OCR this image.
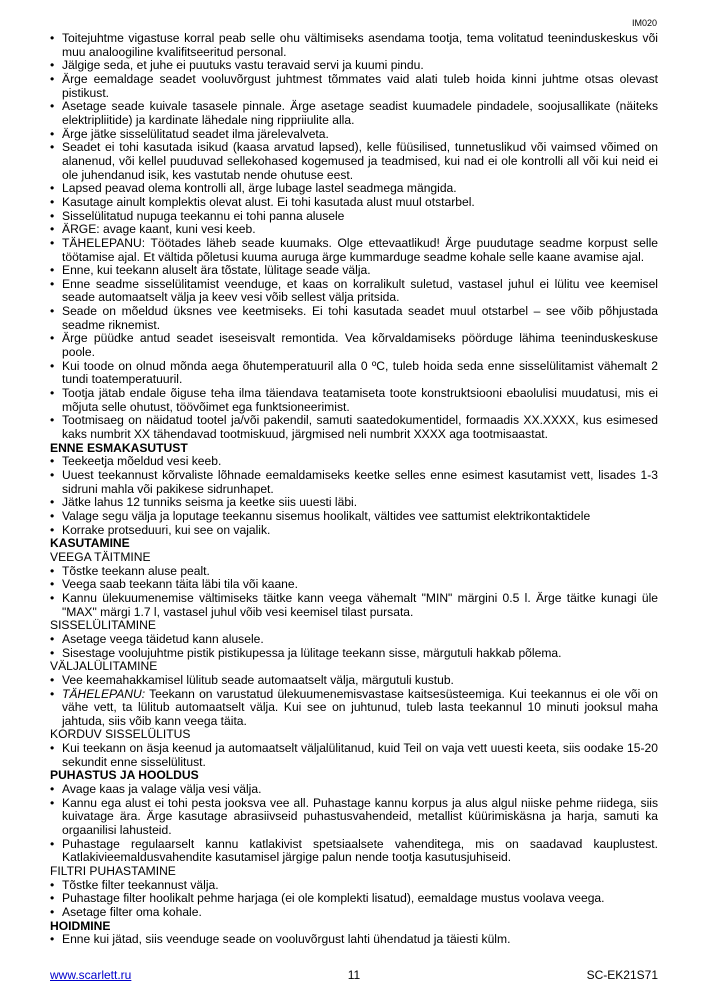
IM020
• Toitejuhtme vigastuse korral peab selle ohu vältimiseks asendama tootja, tema volitatud teeninduskeskus või muu analoogiline kvalifitseeritud personal.
• Jälgige seda, et juhe ei puutuks vastu teravaid servi ja kuumi pindu.
• Ärge eemaldage seadet vooluvõrgust juhtmest tõmmates vaid alati tuleb hoida kinni juhtme otsas olevast pistikust.
• Asetage seade kuivale tasasele pinnale. Ärge asetage seadist kuumadele pindadele, soojusallikate (näiteks elektripliitide) ja kardinate lähedale ning rippriiulite alla.
• Ärge jätke sisselülitatud seadet ilma järelevalveta.
• Seadet ei tohi kasutada isikud (kaasa arvatud lapsed), kelle füüsilised, tunnetuslikud või vaimsed võimed on alanenud, või kellel puuduvad sellekohased kogemused ja teadmised, kui nad ei ole kontrolli all või kui neid ei ole juhendanud isik, kes vastutab nende ohutuse eest.
• Lapsed peavad olema kontrolli all, ärge lubage lastel seadmega mängida.
• Kasutage ainult komplektis olevat alust. Ei tohi kasutada alust muul otstarbel.
• Sisselülitatud nupuga teekannu ei tohi panna alusele
• ÄRGE: avage kaant, kuni vesi keeb.
• TÄHELEPANU: Töötades läheb seade kuumaks. Olge ettevaatlikud! Ärge puudutage seadme korpust selle töötamise ajal. Et vältida põletusi kuuma auruga ärge kummarduge seadme kohale selle kaane avamise ajal.
• Enne, kui teekann aluselt ära tõstate, lülitage seade välja.
• Enne seadme sisselülitamist veenduge, et kaas on korralikult suletud, vastasel juhul ei lülitu vee keemisel seade automaatselt välja ja keev vesi võib sellest välja pritsida.
• Seade on mõeldud üksnes vee keetmiseks. Ei tohi kasutada seadet muul otstarbel – see võib põhjustada seadme riknemist.
• Ärge püüdke antud seadet iseseisvalt remontida. Vea kõrvaldamiseks pöörduge lähima teeninduskeskuse poole.
• Kui toode on olnud mõnda aega õhutemperatuuril alla 0 ºC, tuleb hoida seda enne sisselülitamist vähemalt 2 tundi toatemperatuuril.
• Tootja jätab endale õiguse teha ilma täiendava teatamiseta toote konstruktsiooni ebaolulisi muudatusi, mis ei mõjuta selle ohutust, töövõimet ega funktsioneerimist.
• Tootmisaeg on näidatud tootel ja/või pakendil, samuti saatedokumentidel, formaadis XX.XXXX, kus esimesed kaks numbrit XX tähendavad tootmiskuud, järgmised neli numbrit XXXX aga tootmisaastat.
ENNE ESMAKASUTUST
• Teekeetja mõeldud vesi keeb.
• Uuest teekannust kõrvaliste lõhnade eemaldamiseks keetke selles enne esimest kasutamist vett, lisades 1-3 sidruni mahla või pakikese sidrunhapet.
• Jätke lahus 12 tunniks seisma ja keetke siis uuesti läbi.
• Valage segu välja ja loputage teekannu sisemus hoolikalt, vältides vee sattumist elektrikontaktidele
• Korrake protseduuri, kui see on vajalik.
KASUTAMINE
VEEGA TÄITMINE
• Tõstke teekann aluse pealt.
• Veega saab teekann täita läbi tila või kaane.
• Kannu ülekuumenemise vältimiseks täitke kann veega vähemalt "MIN" märgini 0.5 l. Ärge täitke kunagi üle "MAX" märgi 1.7 l, vastasel juhul võib vesi keemisel tilast pursata.
SISSELÜLITAMINE
• Asetage veega täidetud kann alusele.
• Sisestage voolujuhtme pistik pistikupessa ja lülitage teekann sisse, märgutuli hakkab põlema.
VÄLJALÜLITAMINE
• Vee keemahakkamisel lülitub seade automaatselt välja, märgutuli kustub.
• TÄHELEPANU: Teekann on varustatud ülekuumenemisvastase kaitsesüsteemiga. Kui teekannus ei ole või on vähe vett, ta lülitub automaatselt välja. Kui see on juhtunud, tuleb lasta teekannul 10 minuti jooksul maha jahtuda, siis võib kann veega täita.
KORDUV SISSELÜLITUS
• Kui teekann on äsja keenud ja automaatselt väljalülitanud, kuid Teil on vaja vett uuesti keeta, siis oodake 15-20 sekundit enne sisselülitust.
PUHASTUS JA HOOLDUS
• Avage kaas ja valage välja vesi välja.
• Kannu ega alust ei tohi pesta jooksva vee all. Puhastage kannu korpus ja alus algul niiske pehme riidega, siis kuivatage ära. Ärge kasutage abrasiivseid puhastusvahendeid, metallist küürimiskäsna ja harja, samuti ka orgaanilisi lahusteid.
• Puhastage regulaarselt kannu katlakivist spetsiaalsete vahenditega, mis on saadavad kauplustest. Katlakivieemaldusvahendite kasutamisel järgige palun nende tootja kasutusjuhiseid.
FILTRI PUHASTAMINE
• Tõstke filter teekannust välja.
• Puhastage filter hoolikalt pehme harjaga (ei ole komplekti lisatud), eemaldage mustus voolava veega.
• Asetage filter oma kohale.
HOIDMINE
• Enne kui jätad, siis veenduge seade on vooluvõrgust lahti ühendatud ja täiesti külm.
www.scarlett.ru	11	SC-EK21S71
